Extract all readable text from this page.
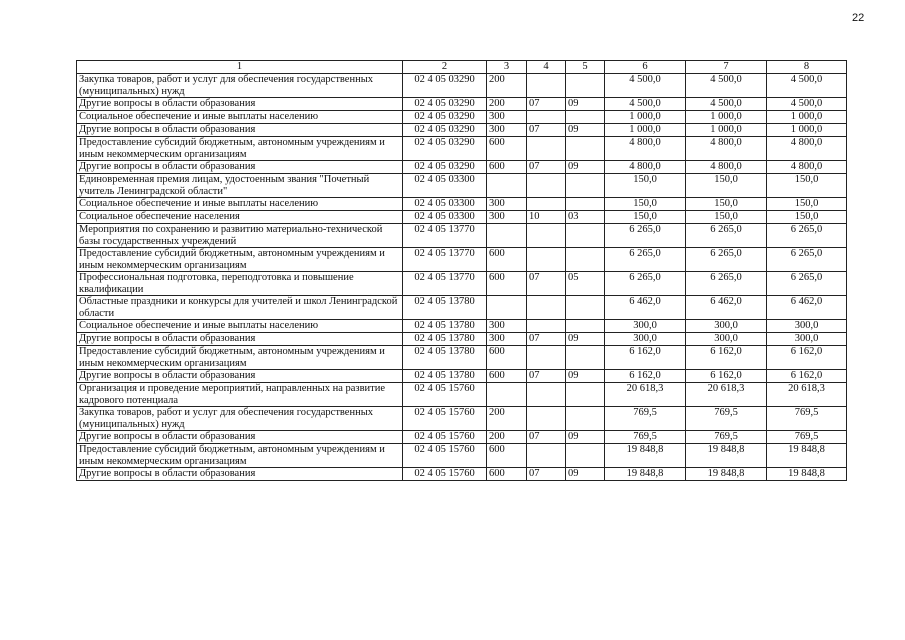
22
1	2	3	4	5	6	7	8
Закупка товаров, работ и услуг для обеспечения государственных (муниципальных) нужд	02 4 05 03290	200			4 500,0	4 500,0	4 500,0
Другие вопросы в области образования	02 4 05 03290	200	07	09	4 500,0	4 500,0	4 500,0
Социальное обеспечение и иные выплаты населению	02 4 05 03290	300			1 000,0	1 000,0	1 000,0
Другие вопросы в области образования	02 4 05 03290	300	07	09	1 000,0	1 000,0	1 000,0
Предоставление субсидий бюджетным, автономным учреждениям и иным некоммерческим организациям	02 4 05 03290	600			4 800,0	4 800,0	4 800,0
Другие вопросы в области образования	02 4 05 03290	600	07	09	4 800,0	4 800,0	4 800,0
Единовременная премия лицам, удостоенным звания "Почетный учитель Ленинградской области"	02 4 05 03300				150,0	150,0	150,0
Социальное обеспечение и иные выплаты населению	02 4 05 03300	300			150,0	150,0	150,0
Социальное обеспечение населения	02 4 05 03300	300	10	03	150,0	150,0	150,0
Мероприятия по сохранению и развитию материально-технической базы государственных учреждений	02 4 05 13770				6 265,0	6 265,0	6 265,0
Предоставление субсидий бюджетным, автономным учреждениям и иным некоммерческим организациям	02 4 05 13770	600			6 265,0	6 265,0	6 265,0
Профессиональная подготовка, переподготовка и повышение квалификации	02 4 05 13770	600	07	05	6 265,0	6 265,0	6 265,0
Областные праздники и конкурсы для учителей и школ Ленинградской области	02 4 05 13780				6 462,0	6 462,0	6 462,0
Социальное обеспечение и иные выплаты населению	02 4 05 13780	300			300,0	300,0	300,0
Другие вопросы в области образования	02 4 05 13780	300	07	09	300,0	300,0	300,0
Предоставление субсидий бюджетным, автономным учреждениям и иным некоммерческим организациям	02 4 05 13780	600			6 162,0	6 162,0	6 162,0
Другие вопросы в области образования	02 4 05 13780	600	07	09	6 162,0	6 162,0	6 162,0
Организация и проведение мероприятий, направленных на развитие кадрового потенциала	02 4 05 15760				20 618,3	20 618,3	20 618,3
Закупка товаров, работ и услуг для обеспечения государственных (муниципальных) нужд	02 4 05 15760	200			769,5	769,5	769,5
Другие вопросы в области образования	02 4 05 15760	200	07	09	769,5	769,5	769,5
Предоставление субсидий бюджетным, автономным учреждениям и иным некоммерческим организациям	02 4 05 15760	600			19 848,8	19 848,8	19 848,8
Другие вопросы в области образования	02 4 05 15760	600	07	09	19 848,8	19 848,8	19 848,8
